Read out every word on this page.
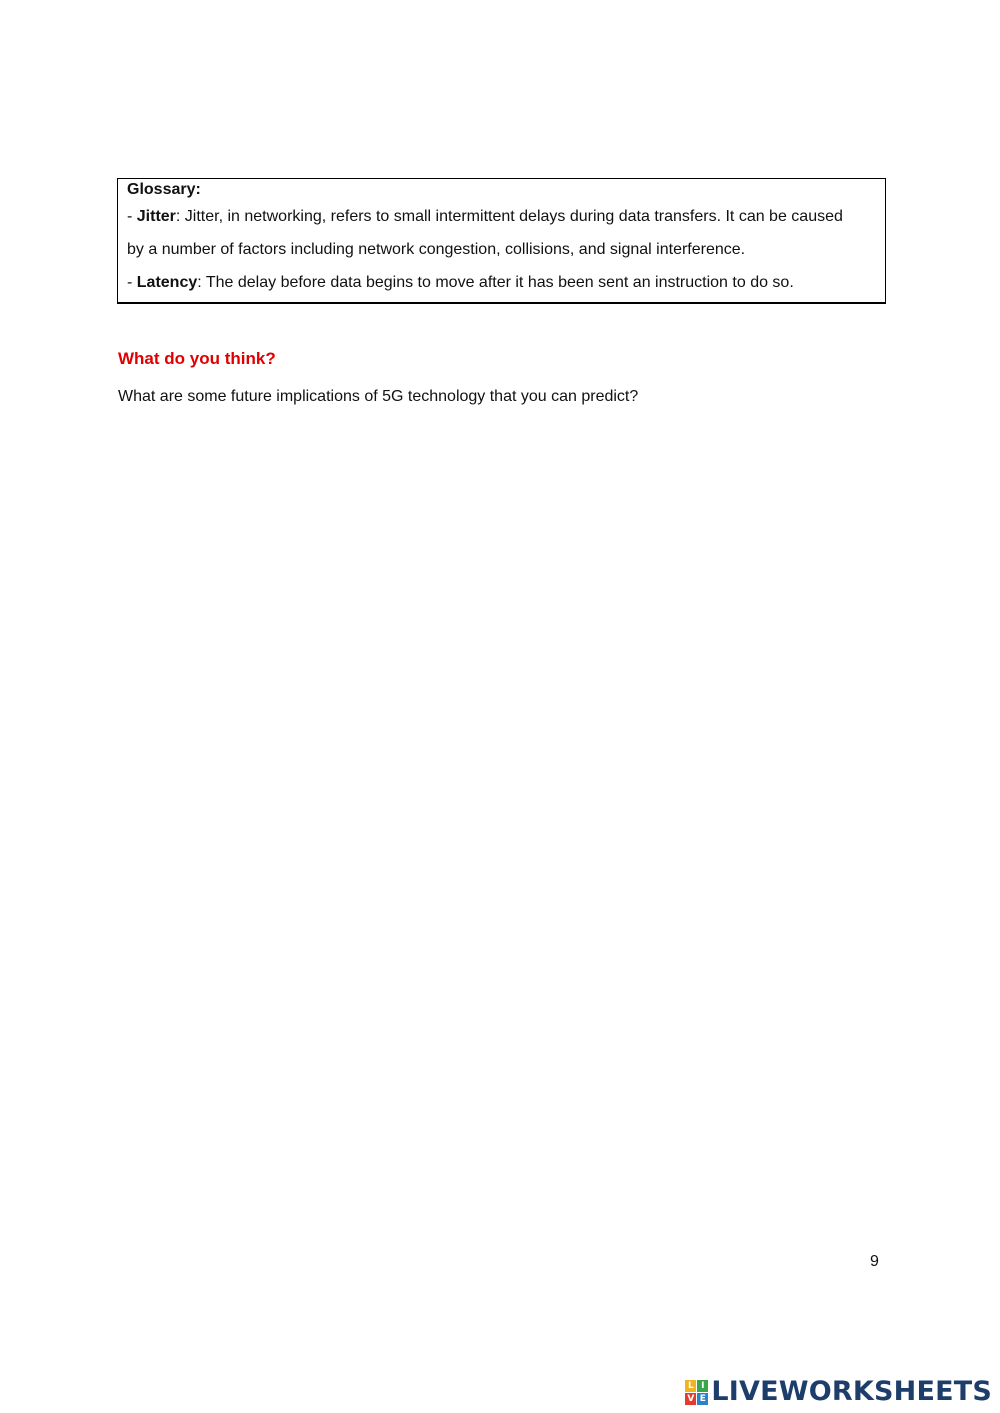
Glossary:
- Jitter: Jitter, in networking, refers to small intermittent delays during data transfers. It can be caused
by a number of factors including network congestion, collisions, and signal interference.
- Latency: The delay before data begins to move after it has been sent an instruction to do so.
What do you think?
What are some future implications of 5G technology that you can predict?
9
L I
V E LIVEWORKSHEETS
